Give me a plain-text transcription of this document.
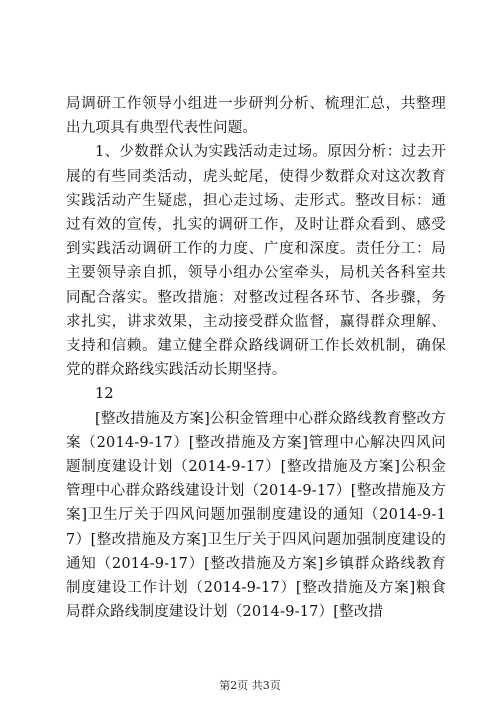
局调研工作领导小组进一步研判分析、梳理汇总，共整理出九项具有典型代表性问题。

1、少数群众认为实践活动走过场。原因分析：过去开展的有些同类活动，虎头蛇尾，使得少数群众对这次教育实践活动产生疑虑，担心走过场、走形式。整改目标：通过有效的宣传，扎实的调研工作，及时让群众看到、感受到实践活动调研工作的力度、广度和深度。责任分工：局主要领导亲自抓，领导小组办公室牵头，局机关各科室共同配合落实。整改措施：对整改过程各环节、各步骤，务求扎实，讲求效果，主动接受群众监督，赢得群众理解、支持和信赖。建立健全群众路线调研工作长效机制，确保党的群众路线实践活动长期坚持。

12

[整改措施及方案]公积金管理中心群众路线教育整改方案（2014-9-17）[整改措施及方案]管理中心解决四风问题制度建设计划（2014-9-17）[整改措施及方案]公积金管理中心群众路线建设计划（2014-9-17）[整改措施及方案]卫生厅关于四风问题加强制度建设的通知（2014-9-17）[整改措施及方案]卫生厅关于四风问题加强制度建设的通知（2014-9-17）[整改措施及方案]乡镇群众路线教育制度建设工作计划（2014-9-17）[整改措施及方案]粮食局群众路线制度建设计划（2014-9-17）[整改措

第2页 共3页
